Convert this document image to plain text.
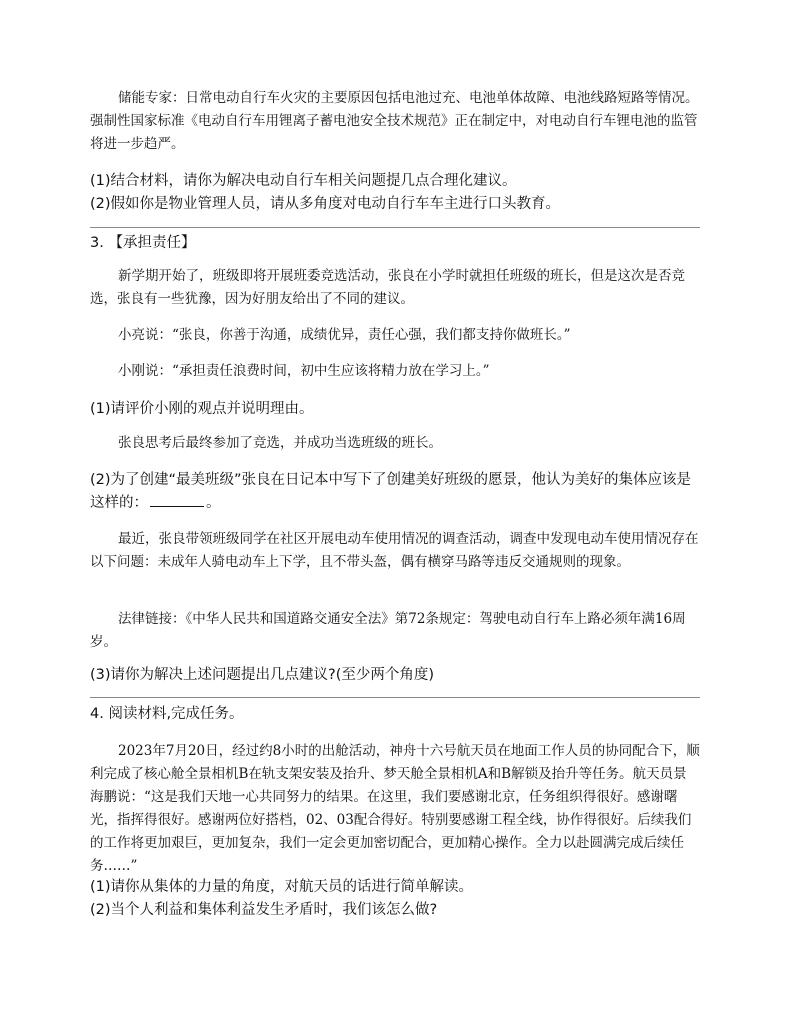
储能专家：日常电动自行车火灾的主要原因包括电池过充、电池单体故障、电池线路短路等情况。强制性国家标准《电动自行车用锂离子蓄电池安全技术规范》正在制定中，对电动自行车锂电池的监管将进一步趋严。

(1)结合材料，请你为解决电动自行车相关问题提几点合理化建议。

(2)假如你是物业管理人员，请从多角度对电动自行车车主进行口头教育。

3. 【承担责任】

新学期开始了，班级即将开展班委竞选活动，张良在小学时就担任班级的班长，但是这次是否竞选，张良有一些犹豫，因为好朋友给出了不同的建议。

小亮说：“张良，你善于沟通，成绩优异，责任心强，我们都支持你做班长。”

小刚说：“承担责任浪费时间，初中生应该将精力放在学习上。”

(1)请评价小刚的观点并说明理由。

张良思考后最终参加了竞选，并成功当选班级的班长。

(2)为了创建“最美班级”张良在日记本中写下了创建美好班级的愿景，他认为美好的集体应该是这样的：	。

最近，张良带领班级同学在社区开展电动车使用情况的调查活动，调查中发现电动车使用情况存在以下问题：未成年人骑电动车上下学，且不带头盔，偶有横穿马路等违反交通规则的现象。

法律链接：《中华人民共和国道路交通安全法》第72条规定：驾驶电动自行车上路必须年满16周岁。

(3)请你为解决上述问题提出几点建议?(至少两个角度)

4. 阅读材料,完成任务。

2023年7月20日，经过约8小时的出舱活动，神舟十六号航天员在地面工作人员的协同配合下，顺利完成了核心舱全景相机B在轨支架安装及抬升、梦天舱全景相机A和B解锁及抬升等任务。航天员景海鹏说：“这是我们天地一心共同努力的结果。在这里，我们要感谢北京，任务组织得很好。感谢曙光，指挥得很好。感谢两位好搭档，02、03配合得好。特别要感谢工程全线，协作得很好。后续我们的工作将更加艰巨，更加复杂，我们一定会更加密切配合，更加精心操作。全力以赴圆满完成后续任务……”

(1)请你从集体的力量的角度，对航天员的话进行简单解读。

(2)当个人利益和集体利益发生矛盾时，我们该怎么做?
